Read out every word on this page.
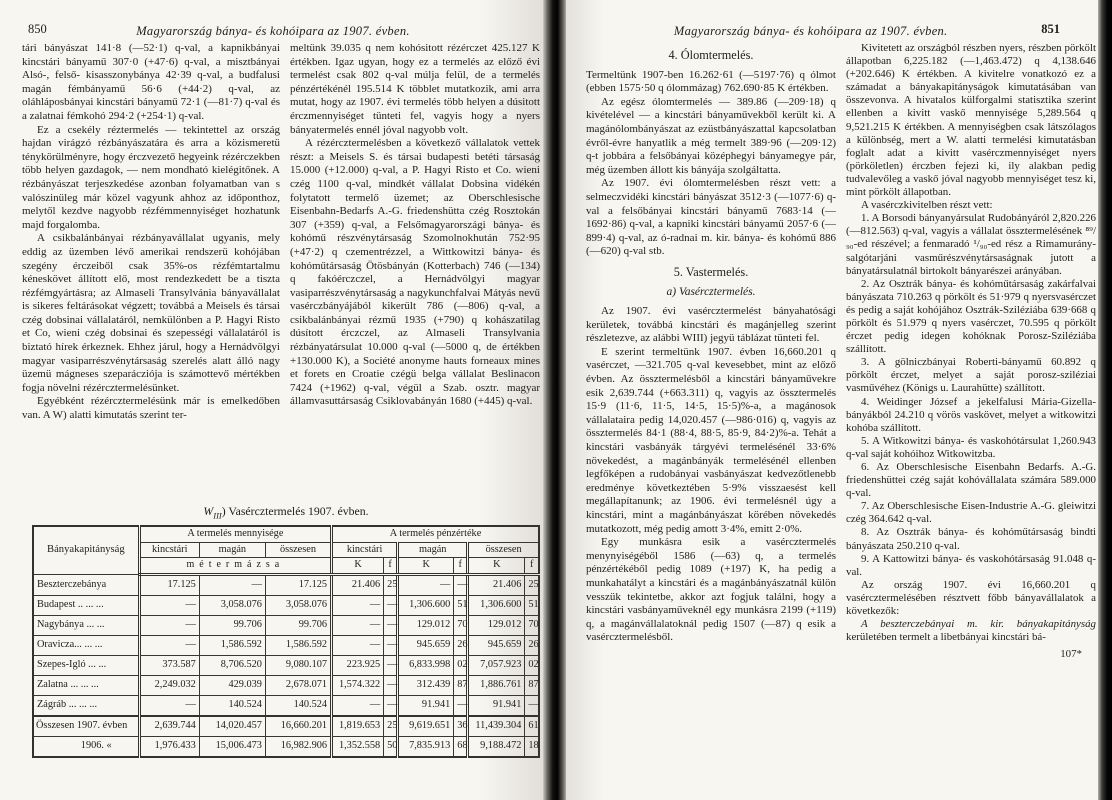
850	Magyarország bánya- és kohóipara az 1907. évben.

tári bányászat 141·8 (—52·1) q-val, a kapnikbányai kincstári bányamű 307·0 (+47·6) q-val, a misztbányai Alsó-, felső- kisasszonybánya 42·39 q-val, a budfalusi magán fémbányamű 56·6 (+44·2) q-val, az oláhláposbányai kincstári bányamű 72·1 (—81·7) q-val és a zalatnai fémkohó 294·2 (+254·1) q-val.

Ez a csekély réztermelés — tekintettel az ország hajdan virágzó rézbányászatára és arra a közismeretü ténykörülményre, hogy érczvezető hegyeink rézérczekben több helyen gazdagok, — nem mondható kielégitőnek. A rézbányászat terjeszkedése azonban folyamatban van s valószinüleg már közel vagyunk ahhoz az időponthoz, melytől kezdve nagyobb rézfémmennyiséget hozhatunk majd forgalomba.

A csikbalánbányai rézbányavállalat ugyanis, mely eddig az üzemben lévő amerikai rendszerü kohójában szegény érczeiből csak 35%-os rézfémtartalmu kéneskövet állított elő, most rendezkedett be a tiszta rézfémgyártásra; az Almaseli Transylvánia bányavállalat is sikeres feltárásokat végzett; továbbá a Meisels és társai czég dobsinai vállalatáról, nemkülönben a P. Hagyi Risto et Co, wieni czég dobsinai és szepességi vállalatáról is biztató hírek érkeznek. Ehhez járul, hogy a Hernádvölgyi magyar vasiparrészvénytársaság szerelés alatt álló nagy üzemü mágneses szeparácziója is számottevő mértékben fogja növelni rézércztermelésünket.

Egyébként rézércztermelésünk már is emelkedőben van. A W) alatti kimutatás szerint ter-

meltünk 39.035 q nem kohósitott rézérczet 425.127 K értékben. Igaz ugyan, hogy ez a termelés az előző évi termelést csak 802 q-val múlja felül, de a termelés pénzértékénél 195.514 K többlet mutatkozik, ami arra mutat, hogy az 1907. évi termelés több helyen a dúsitott érczmennyiséget tünteti fel, vagyis hogy a nyers bányatermelés ennél jóval nagyobb volt.

A rézércztermelésben a következő vállalatok vettek részt: a Meisels S. és társai budapesti betéti társaság 15.000 (+12.000) q-val, a P. Hagyi Risto et Co. wieni czég 1100 q-val, mindkét vállalat Dobsina vidékén folytatott termelő üzemet; az Oberschlesische Eisenbahn-Bedarfs A.-G. friedenshütta czég Rosztokán 307 (+359) q-val, a Felsőmagyarországi bánya- és kohómű részvénytársaság Szomolnokhután 752·95 (+47·2) q czementrézzel, a Wittkowitzi bánya- és kohóműtársaság Ötösbányán (Kotterbach) 746 (—134) q fakóérczczel, a Hernádvölgyi magyar vasiparrészvénytársaság a nagykunchfalvai Mátyás nevű vasérczbányájából kikerült 786 (—806) q-val, a csikbalánbányai rézmű 1935 (+790) q kohászatilag dúsított érczczel, az Almaseli Transylvania rézbányatársulat 10.000 q-val (—5000 q, de értékben +130.000 K), a Société anonyme hauts forneaux mines et forets en Croatie czégü belga vállalat Beslinacon 7424 (+1962) q-val, végül a Szab. osztr. magyar államvasuttársaság Csiklovabányán 1680 (+445) q-val.

$W_{III}$) Vasércztermelés 1907. évben.
Bányakapitányság	A termelés mennyisége			A termelés pénzértéke					
	kincstári	magán	összesen	kincstári		magán		összesen	
	métermázsa			K	f	K	f	K	f
Beszterczebánya	17.125	—	17.125	21.406	25	—	—	21.406	25
Budapest .. ... ...	—	3,058.076	3,058.076	—	—	1,306.600	51	1,306.600	51
Nagybánya ... ...	—	99.706	99.706	—	—	129.012	70	129.012	70
Oravicza... ... ...	—	1,586.592	1,586.592	—	—	945.659	26	945.659	26
Szepes-Igló ... ...	373.587	8,706.520	9,080.107	223.925	—	6,833.998	02	7,057.923	02
Zalatna ... ... ...	2,249.032	429.039	2,678.071	1,574.322	—	312.439	87	1,886.761	87
Zágráb ... ... ...	—	140.524	140.524	—	—	91.941	—	91.941	—
Összesen 1907. évben	2,639.744	14,020.457	16,660.201	1,819.653	25	9,619.651	36	11,439.304	61
1906. «	1,976.433	15,006.473	16,982.906	1,352.558	50	7,835.913	68	9,188.472	18
Magyarország bánya- és kohóipara az 1907. évben.	851

4. Ólomtermelés.

Termeltünk 1907-ben 16.262·61 (—5197·76) q ólmot (ebben 1575·50 q ólommázag) 762.690·85 K értékben.

Az egész ólomtermelés — 389.86 (—209·18) q kivételével — a kincstári bányaművekből került ki. A magánólombányászat az ezüstbányászattal kapcsolatban évről-évre hanyatlik a még termelt 389·96 (—209·12) q-t jobbára a felsőbányai középhegyi bányamegye pár, még üzemben állott kis bányája szolgáltatta.

Az 1907. évi ólomtermelésben részt vett: a selmeczvidéki kincstári bányászat 3512·3 (—1077·6) q-val a felsőbányai kincstári bányamű 7683·14 (—1692·86) q-val, a kapniki kincstári bányamű 2057·6 (—899·4) q-val, az ó-radnai m. kir. bánya- és kohómű 886 (—620) q-val stb.

5. Vastermelés.

a) Vasércztermelés.

Az 1907. évi vasércztermelést bányahatósági kerületek, továbbá kincstári és magánjelleg szerint részletezve, az alábbi WIII) jegyü táblázat tünteti fel.

E szerint termeltünk 1907. évben 16,660.201 q vasérczet, —321.705 q-val kevesebbet, mint az előző évben. Az össztermelésből a kincstári bányaművekre esik 2,639.744 (+663.311) q, vagyis az össztermelés 15·9 (11·6, 11·5, 14·5, 15·5)%-a, a magánosok vállalataira pedig 14,020.457 (—986·016) q, vagyis az össztermelés 84·1 (88·4, 88·5, 85·9, 84·2)%-a. Tehát a kincstári vasbányák tárgyévi termelésénél 33·6% növekedést, a magánbányák termelésénél ellenben legfőképen a rudobányai vasbányászat kedvezőtlenebb eredménye következtében 5·9% visszaesést kell megállapítanunk; az 1906. évi termelésnél úgy a kincstári, mint a magánbányászat körében növekedés mutatkozott, még pedig amott 3·4%, emitt 2·0%.

Egy munkásra esik a vasércztermelés menynyiségéből 1586 (—63) q, a termelés pénzértékéből pedig 1089 (+197) K, ha pedig a munkahatályt a kincstári és a magánbányászatnál külön vesszük tekintetbe, akkor azt fogjuk találni, hogy a kincstári vasbányaműveknél egy munkásra 2199 (+119) q, a magánvállalatoknál pedig 1507 (—87) q esik a vasércztermelésből.

Kivitetett az országból részben nyers, részben pörkölt állapotban 6,225.182 (—1,463.472) q 4,138.646 (+202.646) K értékben. A kivitelre vonatkozó ez a számadat a bányakapitányságok kimutatásában van összevonva. A hivatalos külforgalmi statisztika szerint ellenben a kivitt vaskő mennyisége 5,289.564 q 9,521.215 K értékben. A mennyiségben csak látszólagos a különbség, mert a W. alatti termelési kimutatásban foglalt adat a kivitt vasérczmennyiséget nyers (pörköletlen) érczben fejezi ki, ily alakban pedig tudvalevőleg a vaskő jóval nagyobb mennyiséget tesz ki, mint pörkölt állapotban.

A vasérczkivitelben részt vett:

1. A Borsodi bányanyársulat Rudobányáról 2,820.226 (—812.563) q-val, vagyis a vállalat össztermelésének ⁸⁹/₉₀-ed részével; a fenmaradó ¹/₉₀-ed rész a Rimamurány-salgótarjáni vasműrészvénytársaságnak jutott a bányatársulatnál birtokolt bányarészei arányában.

2. Az Osztrák bánya- és kohóműtársaság zakárfalvai bányászata 710.263 q pörkölt és 51·979 q nyersvasérczet és pedig a saját kohójához Osztrák-Sziléziába 639·668 q pörkölt és 51.979 q nyers vasérczet, 70.595 q pörkölt érczet pedig idegen kohóknak Porosz-Sziléziába szállított.

3. A gölniczbányai Roberti-bányamű 60.892 q pörkölt érczet, melyet a saját porosz-sziléziai vasművéhez (Königs u. Laurahütte) szállított.

4. Weidinger József a jekelfalusi Mária-Gizella-bányákból 24.210 q vörös vaskövet, melyet a witkowitzi kohóba szállított.

5. A Witkowitzi bánya- és vaskohótársulat 1,260.943 q-val saját kohóihoz Witkowitzba.

6. Az Oberschlesische Eisenbahn Bedarfs. A.-G. friedenshüttei czég saját kohóvállalata számára 589.000 q-val.

7. Az Oberschlesische Eisen-Industrie A.-G. gleiwitzi czég 364.642 q-val.

8. Az Osztrák bánya- és kohóműtársaság bindti bányászata 250.210 q-val.

9. A Kattowitzi bánya- és vaskohótársaság 91.048 q-val.

Az ország 1907. évi 16,660.201 q vasércztermelésében résztvett főbb bányavállalatok a következők:

A beszterczebányai m. kir. bányakapitányság kerületében termelt a libetbányai kincstári bá-

107*
